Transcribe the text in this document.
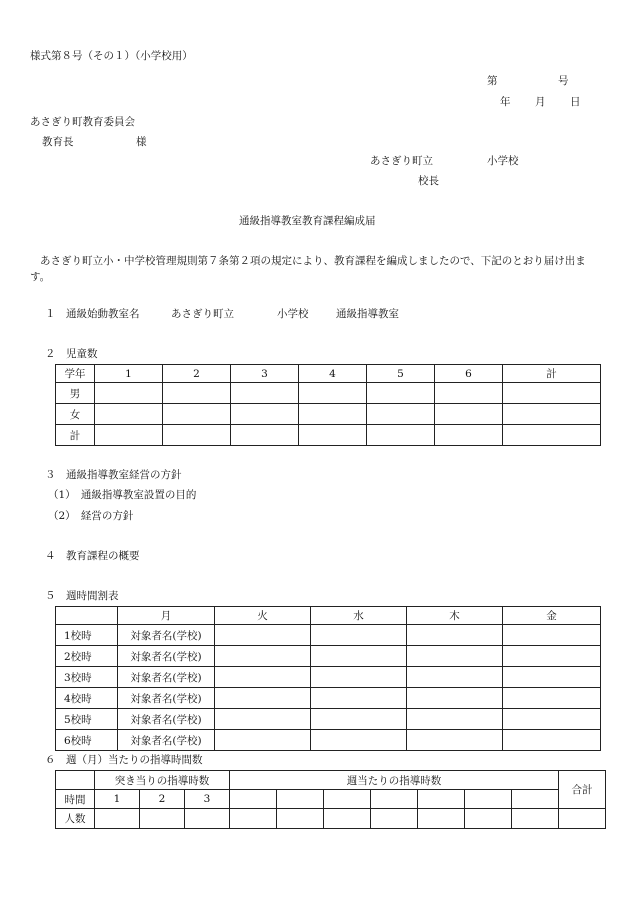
様式第８号（その１）（小学校用）
第	号
年 月 日
あさぎり町教育委員会
教育長	様
あさぎり町立	小学校
校長
通級指導教室教育課程編成届
あさぎり町立小・中学校管理規則第７条第２項の規定により、教育課程を編成しましたので、下記のとおり届け出ます。
１　通級始動教室名	あさぎり町立	小学校	通級指導教室
２　児童数
学年	1	2	3	4	5	6	計
男							
女							
計							
３　通級指導教室経営の方針
（1）　通級指導教室設置の目的
（2）　経営の方針
４　教育課程の概要
５　週時間割表
	月	火	水	木	金
1校時	対象者名(学校)				
2校時	対象者名(学校)				
3校時	対象者名(学校)				
4校時	対象者名(学校)				
5校時	対象者名(学校)				
6校時	対象者名(学校)				
６　週（月）当たりの指導時間数
	突き当りの指導時数			週当たりの指導時数							合計
時間	1	2	3								
人数											
